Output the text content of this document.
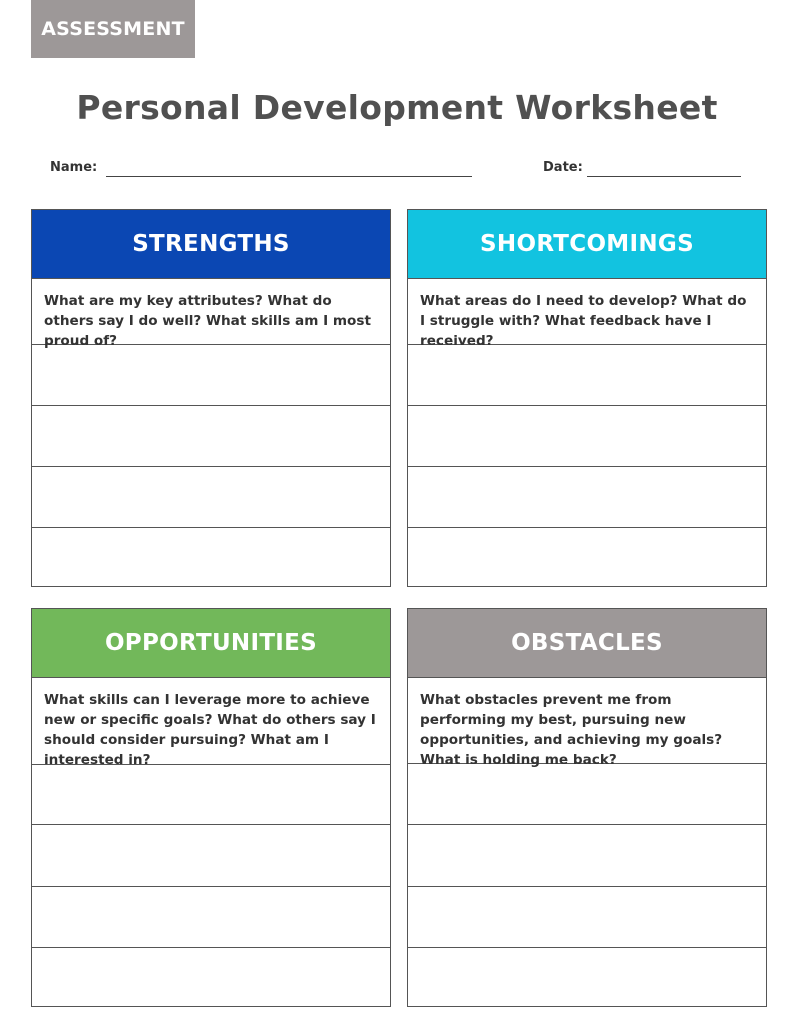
ASSESSMENT
Personal Development Worksheet
Name:	Date:
STRENGTHS
What are my key attributes? What do others say I do well? What skills am I most proud of?
SHORTCOMINGS
What areas do I need to develop? What do I struggle with? What feedback have I received?
OPPORTUNITIES
What skills can I leverage more to achieve new or specific goals? What do others say I should consider pursuing? What am I interested in?
OBSTACLES
What obstacles prevent me from performing my best, pursuing new opportunities, and achieving my goals? What is holding me back?
